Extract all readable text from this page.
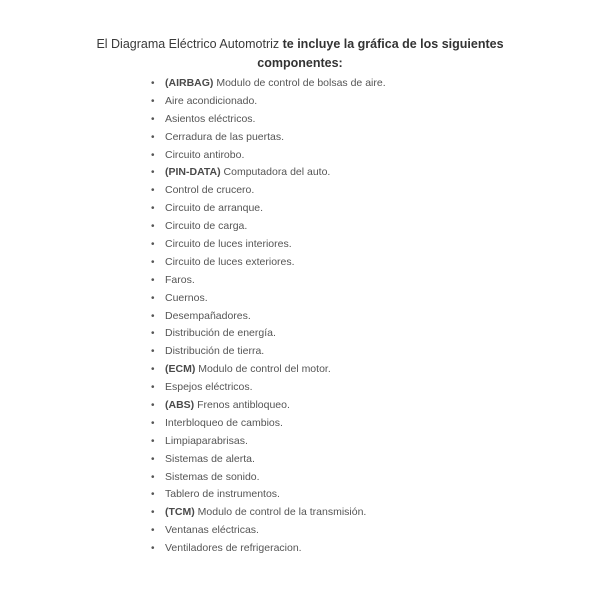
El Diagrama Eléctrico Automotriz te incluye la gráfica de los siguientes componentes:
• (AIRBAG) Modulo de control de bolsas de aire.
• Aire acondicionado.
• Asientos eléctricos.
• Cerradura de las puertas.
• Circuito antirobo.
• (PIN-DATA) Computadora del auto.
• Control de crucero.
• Circuito de arranque.
• Circuito de carga.
• Circuito de luces interiores.
• Circuito de luces exteriores.
• Faros.
• Cuernos.
• Desempañadores.
• Distribución de energía.
• Distribución de tierra.
• (ECM) Modulo de control del motor.
• Espejos eléctricos.
• (ABS) Frenos antibloqueo.
• Interbloqueo de cambios.
• Limpiaparabrisas.
• Sistemas de alerta.
• Sistemas de sonido.
• Tablero de instrumentos.
• (TCM) Modulo de control de la transmisión.
• Ventanas eléctricas.
• Ventiladores de refrigeracion.
